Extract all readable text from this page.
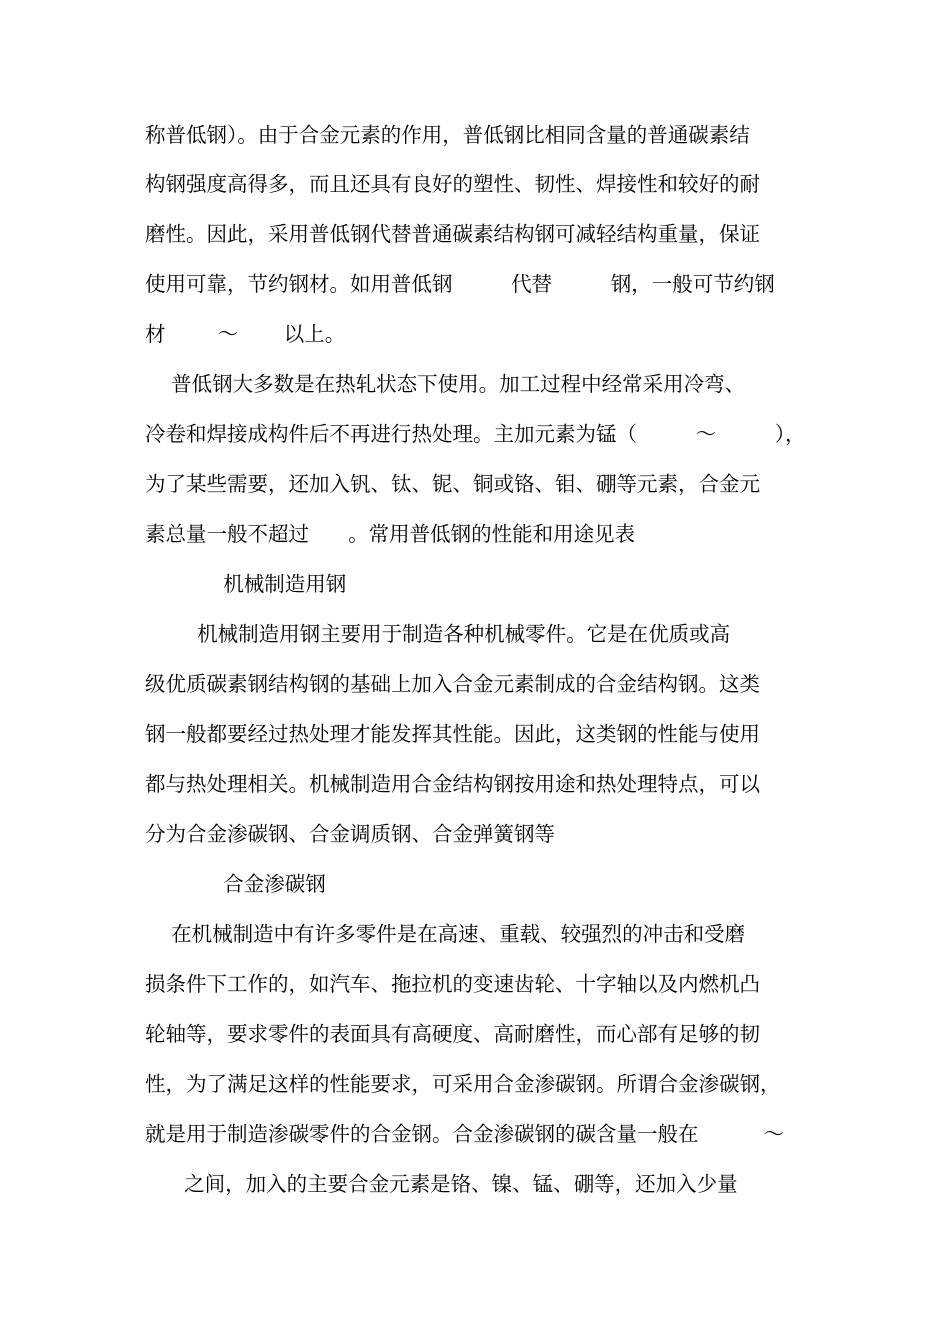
称普低钢）。由于合金元素的作用，普低钢比相同含量的普通碳素结
构钢强度高得多，而且还具有良好的塑性、韧性、焊接性和较好的耐
磨性。因此，采用普低钢代替普通碳素结构钢可减轻结构重量，保证
使用可靠，节约钢材。如用普低钢         代替         钢，一般可节约钢
材        ～       以上。
普低钢大多数是在热轧状态下使用。加工过程中经常采用冷弯、
冷卷和焊接成构件后不再进行热处理。主加元素为锰（         ～         ），
为了某些需要，还加入钒、钛、铌、铜或铬、钼、硼等元素，合金元
素总量一般不超过      。常用普低钢的性能和用途见表
机械制造用钢
机械制造用钢主要用于制造各种机械零件。它是在优质或高
级优质碳素钢结构钢的基础上加入合金元素制成的合金结构钢。这类
钢一般都要经过热处理才能发挥其性能。因此，这类钢的性能与使用
都与热处理相关。机械制造用合金结构钢按用途和热处理特点，可以
分为合金渗碳钢、合金调质钢、合金弹簧钢等
合金渗碳钢
在机械制造中有许多零件是在高速、重载、较强烈的冲击和受磨
损条件下工作的，如汽车、拖拉机的变速齿轮、十字轴以及内燃机凸
轮轴等，要求零件的表面具有高硬度、高耐磨性，而心部有足够的韧
性，为了满足这样的性能要求，可采用合金渗碳钢。所谓合金渗碳钢，
就是用于制造渗碳零件的合金钢。合金渗碳钢的碳含量一般在          ～
之间，加入的主要合金元素是铬、镍、锰、硼等，还加入少量
